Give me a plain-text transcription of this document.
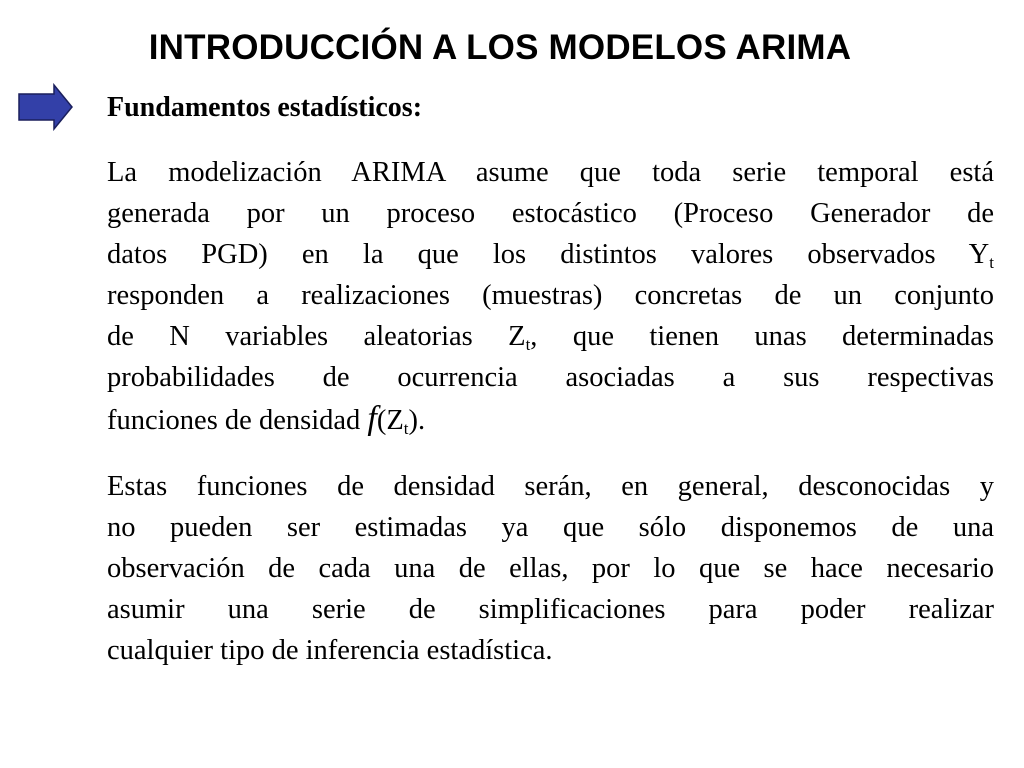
INTRODUCCIÓN A LOS MODELOS ARIMA
Fundamentos estadísticos:
La modelización ARIMA asume que toda serie temporal está
generada por un proceso estocástico (Proceso Generador de
datos PGD) en la que los distintos valores observados $Y_t$
responden a realizaciones (muestras) concretas de un conjunto
de N variables aleatorias $Z_t$, que tienen unas determinadas
probabilidades de ocurrencia asociadas a sus respectivas
funciones de densidad $f(Z_t)$.
Estas funciones de densidad serán, en general, desconocidas y
no pueden ser estimadas ya que sólo disponemos de una
observación de cada una de ellas, por lo que se hace necesario
asumir una serie de simplificaciones para poder realizar
cualquier tipo de inferencia estadística.
